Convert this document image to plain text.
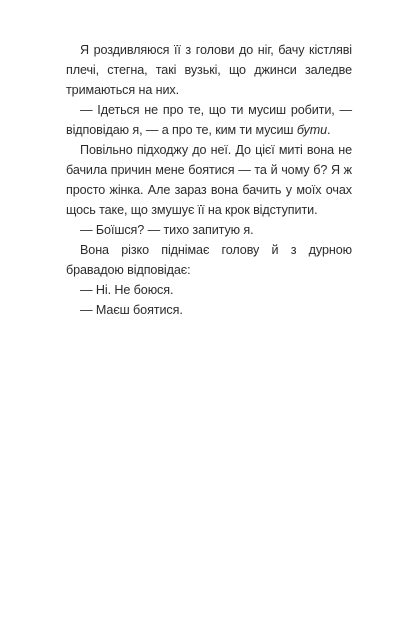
Я роздивляюся її з голови до ніг, бачу кістляві плечі, стегна, такі вузькі, що джинси заледве тримаються на них.

— Ідеться не про те, що ти мусиш робити, — відповідаю я, — а про те, ким ти мусиш бути.

Повільно підходжу до неї. До цієї миті вона не бачила причин мене боятися — та й чому б? Я ж просто жінка. Але зараз вона бачить у моїх очах щось таке, що змушує її на крок відступити.

— Боїшся? — тихо запитую я.

Вона різко піднімає голову й з дурною бравадою відповідає:

— Ні. Не боюся.

— Маєш боятися.
